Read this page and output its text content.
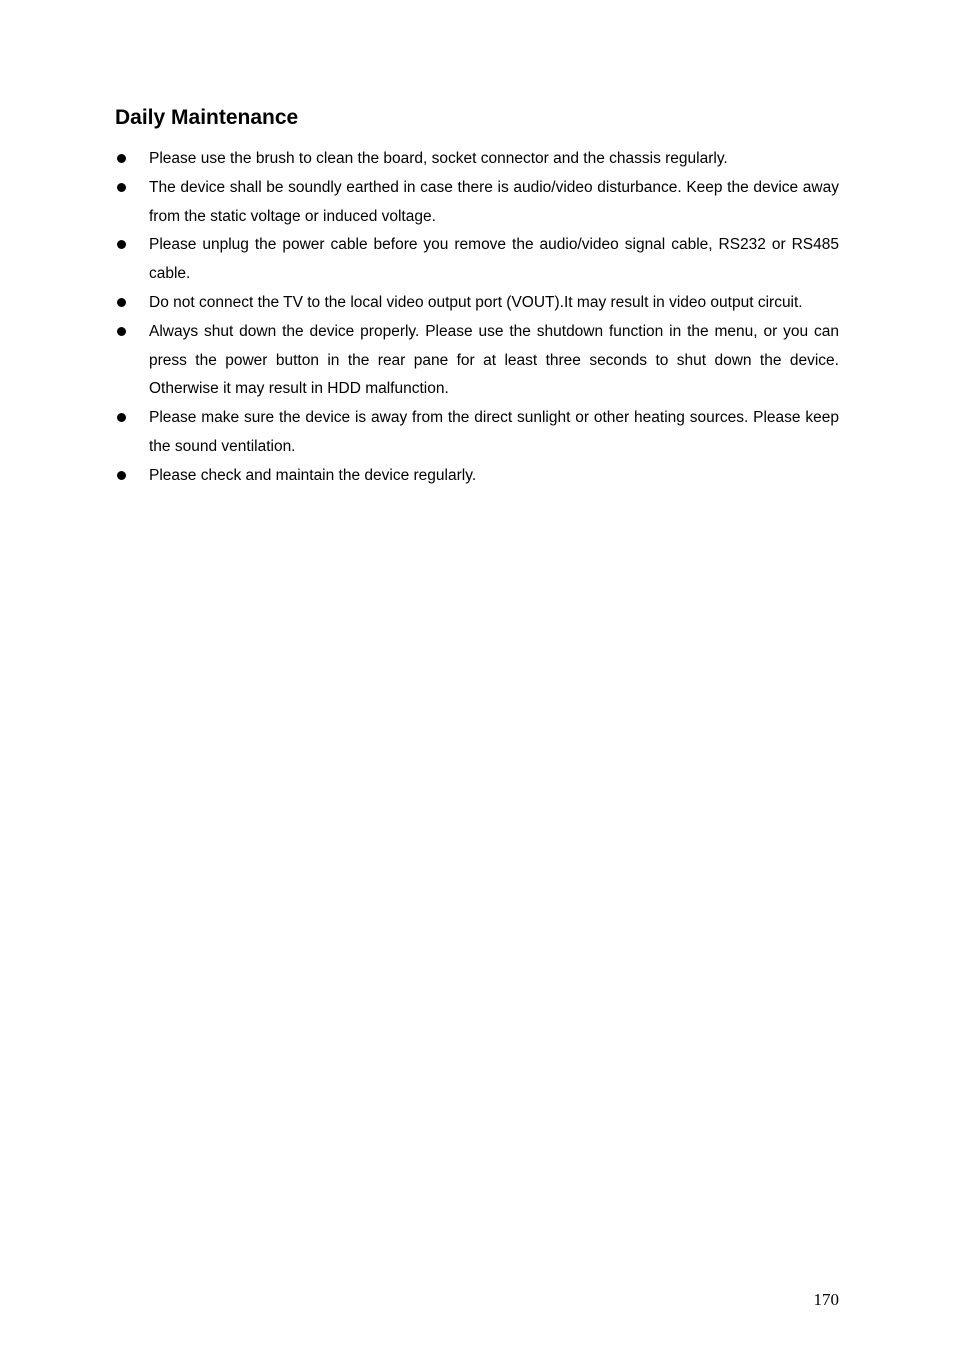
Daily Maintenance
Please use the brush to clean the board, socket connector and the chassis regularly.
The device shall be soundly earthed in case there is audio/video disturbance. Keep the device away from the static voltage or induced voltage.
Please unplug the power cable before you remove the audio/video signal cable, RS232 or RS485 cable.
Do not connect the TV to the local video output port (VOUT).It may result in video output circuit.
Always shut down the device properly. Please use the shutdown function in the menu, or you can press the power button in the rear pane for at least three seconds to shut down the device. Otherwise it may result in HDD malfunction.
Please make sure the device is away from the direct sunlight or other heating sources. Please keep the sound ventilation.
Please check and maintain the device regularly.
170
